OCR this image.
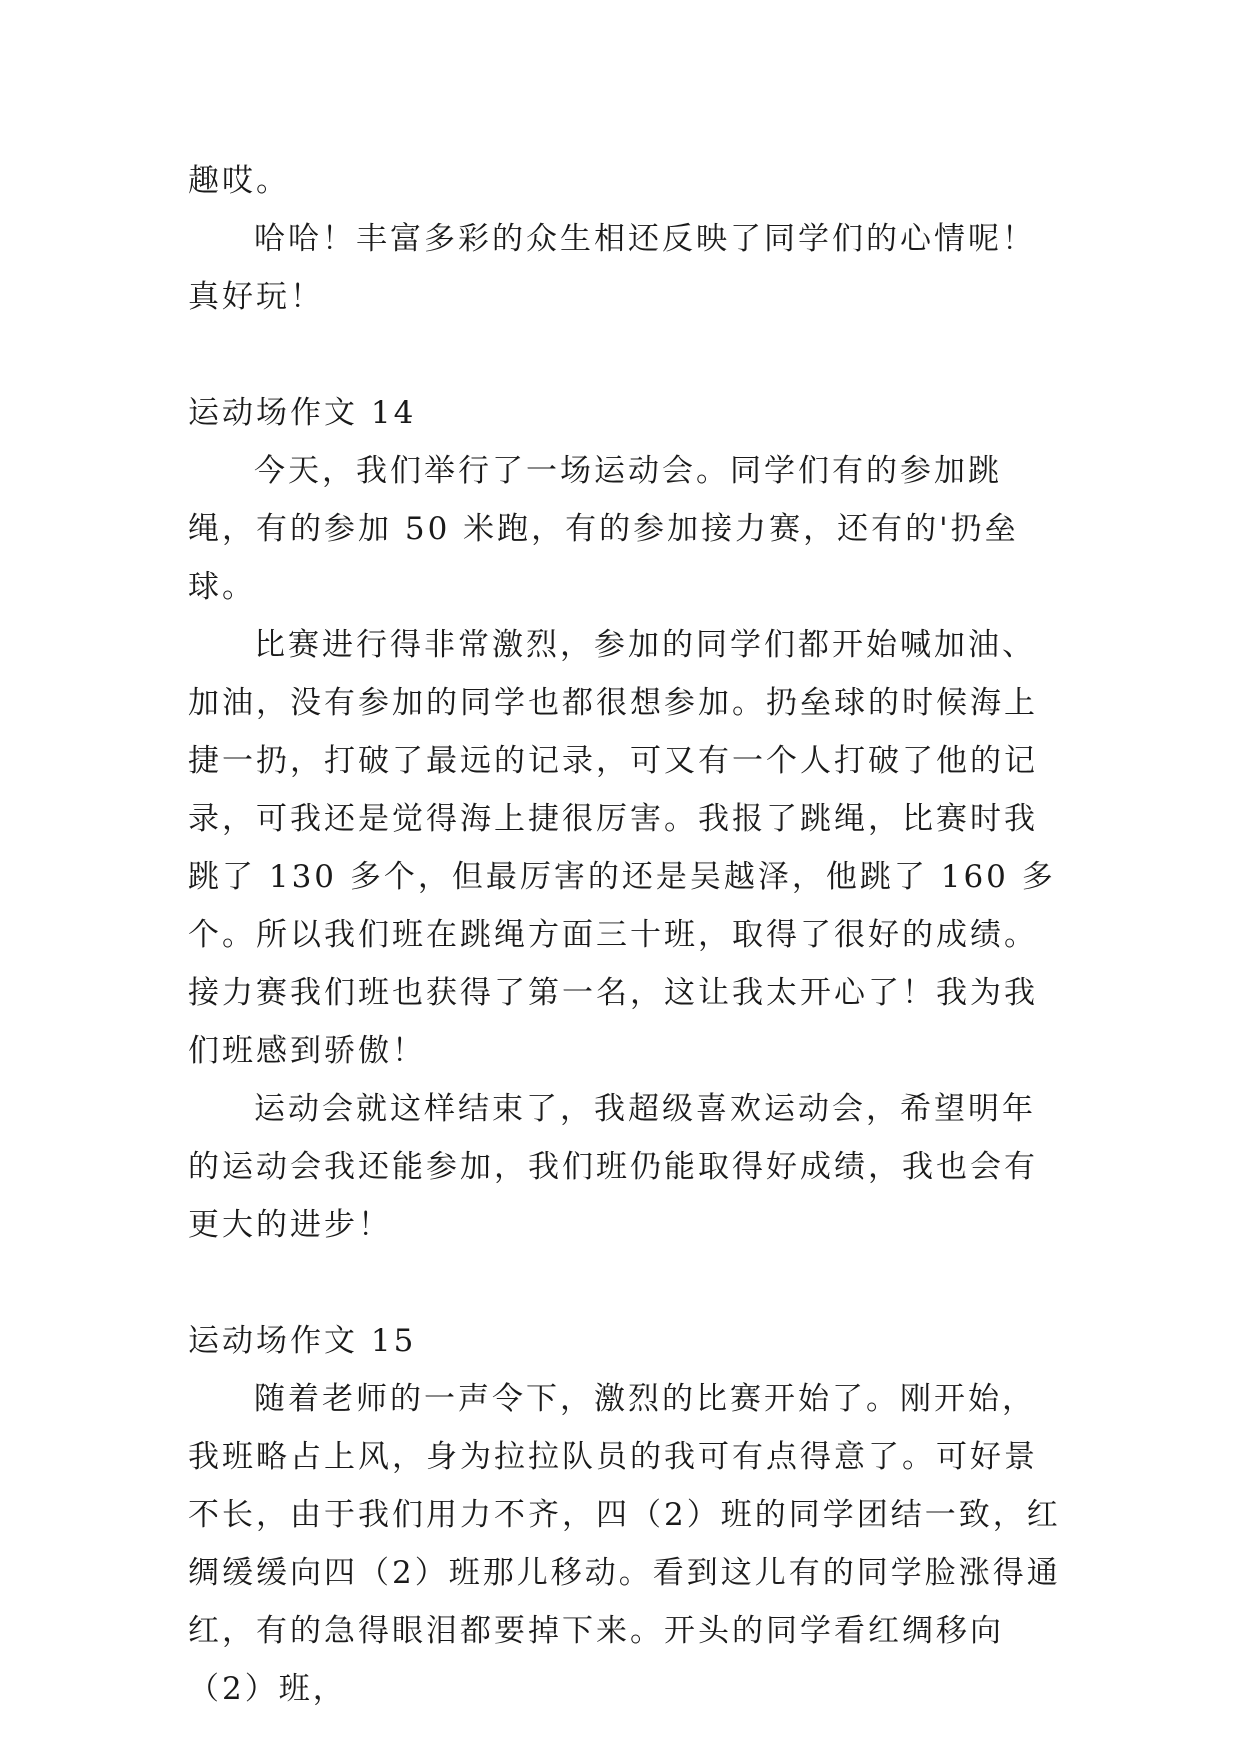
趣哎。

哈哈！丰富多彩的众生相还反映了同学们的心情呢！真好玩！

运动场作文 14

今天，我们举行了一场运动会。同学们有的参加跳绳，有的参加 50 米跑，有的参加接力赛，还有的'扔垒球。

比赛进行得非常激烈，参加的同学们都开始喊加油、加油，没有参加的同学也都很想参加。扔垒球的时候海上捷一扔，打破了最远的记录，可又有一个人打破了他的记录，可我还是觉得海上捷很厉害。我报了跳绳，比赛时我跳了 130 多个，但最厉害的还是吴越泽，他跳了 160 多个。所以我们班在跳绳方面三十班，取得了很好的成绩。接力赛我们班也获得了第一名，这让我太开心了！我为我们班感到骄傲！

运动会就这样结束了，我超级喜欢运动会，希望明年的运动会我还能参加，我们班仍能取得好成绩，我也会有更大的进步！

运动场作文 15

随着老师的一声令下，激烈的比赛开始了。刚开始，我班略占上风，身为拉拉队员的我可有点得意了。可好景不长，由于我们用力不齐，四（2）班的同学团结一致，红绸缓缓向四（2）班那儿移动。看到这儿有的同学脸涨得通红，有的急得眼泪都要掉下来。开头的同学看红绸移向（2）班，
